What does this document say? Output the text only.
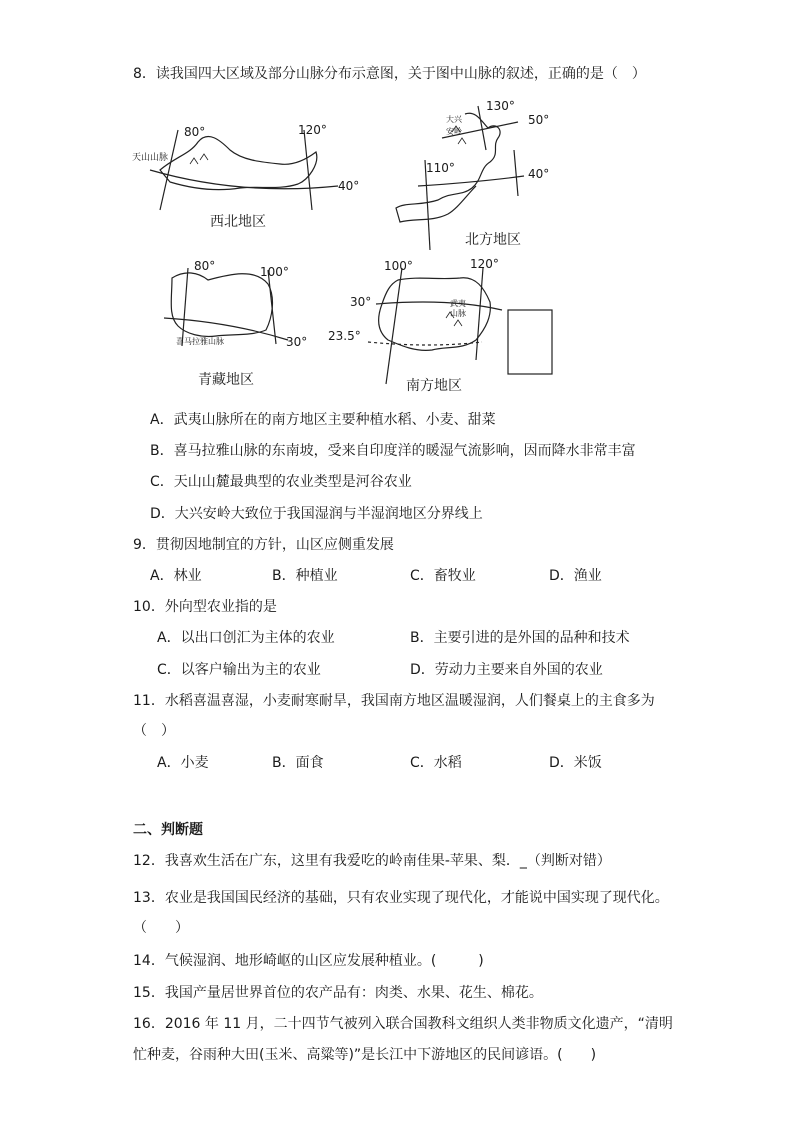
8．读我国四大区域及部分山脉分布示意图，关于图中山脉的叙述，正确的是（　）
80°	120°
40°
天山山脉
西北地区
130°
50°
110°	40°
大兴
安岭
北方地区
80°	100°
30°
喜马拉雅山脉
青藏地区
100°	120°
30°
23.5°
武夷
山脉
南方地区
A．武夷山脉所在的南方地区主要种植水稻、小麦、甜菜
B．喜马拉雅山脉的东南坡，受来自印度洋的暖湿气流影响，因而降水非常丰富
C．天山山麓最典型的农业类型是河谷农业
D．大兴安岭大致位于我国湿润与半湿润地区分界线上
9．贯彻因地制宜的方针，山区应侧重发展
A．林业	B．种植业	C．畜牧业	D．渔业
10．外向型农业指的是
A．以出口创汇为主体的农业	B．主要引进的是外国的品种和技术
C．以客户输出为主的农业	D．劳动力主要来自外国的农业
11．水稻喜温喜湿，小麦耐寒耐旱，我国南方地区温暖湿润，人们餐桌上的主食多为
（　）
A．小麦	B．面食	C．水稻	D．米饭
二、判断题
12．我喜欢生活在广东，这里有我爱吃的岭南佳果-苹果、梨．_（判断对错）
13．农业是我国国民经济的基础，只有农业实现了现代化，才能说中国实现了现代化。
（　　）
14．气候湿润、地形崎岖的山区应发展种植业。(　　　)
15．我国产量居世界首位的农产品有：肉类、水果、花生、棉花。
16．2016 年 11 月，二十四节气被列入联合国教科文组织人类非物质文化遗产，“清明
忙种麦，谷雨种大田(玉米、高粱等)”是长江中下游地区的民间谚语。(　　)
